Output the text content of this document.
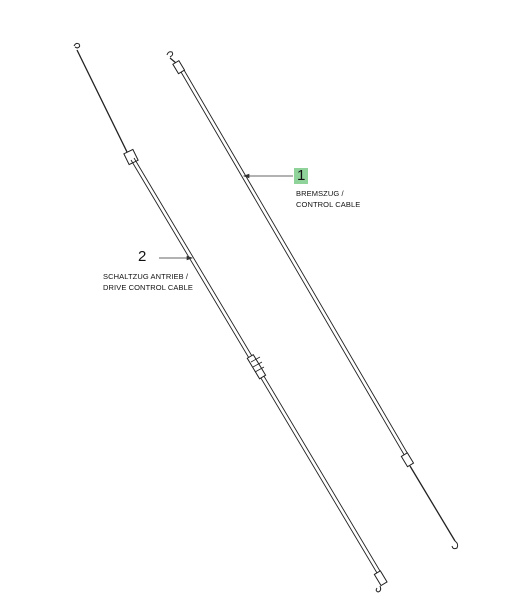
1
BREMSZUG /
CONTROL CABLE
2
SCHALTZUG ANTRIEB /
DRIVE CONTROL CABLE
